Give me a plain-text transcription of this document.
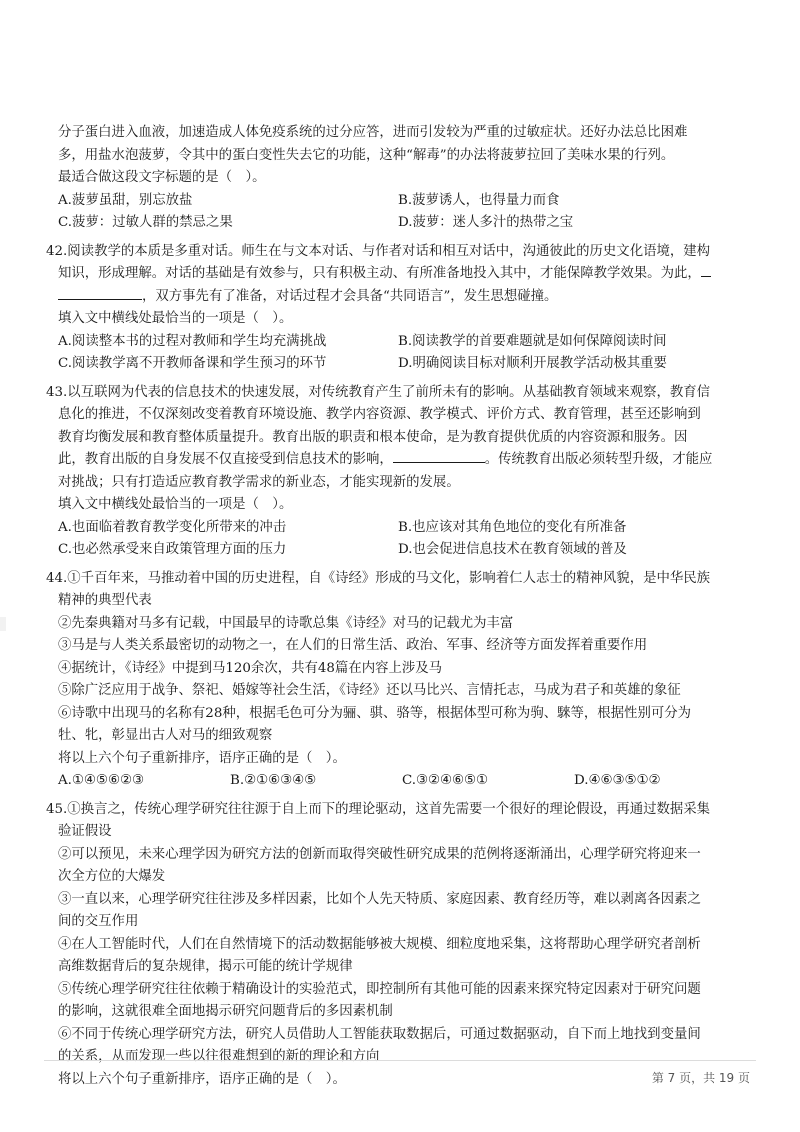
分子蛋白进入血液，加速造成人体免疫系统的过分应答，进而引发较为严重的过敏症状。还好办法总比困难
多，用盐水泡菠萝，令其中的蛋白变性失去它的功能，这种“解毒”的办法将菠萝拉回了美味水果的行列。
最适合做这段文字标题的是（　）。
A.菠萝虽甜，别忘放盐	B.菠萝诱人，也得量力而食
C.菠萝：过敏人群的禁忌之果	D.菠萝：迷人多汁的热带之宝
42.阅读教学的本质是多重对话。师生在与文本对话、与作者对话和相互对话中，沟通彼此的历史文化语境，建构
知识，形成理解。对话的基础是有效参与，只有积极主动、有所准备地投入其中，才能保障教学效果。为此，
，双方事先有了准备，对话过程才会具备“共同语言”，发生思想碰撞。
填入文中横线处最恰当的一项是（　）。
A.阅读整本书的过程对教师和学生均充满挑战	B.阅读教学的首要难题就是如何保障阅读时间
C.阅读教学离不开教师备课和学生预习的环节	D.明确阅读目标对顺利开展教学活动极其重要
43.以互联网为代表的信息技术的快速发展，对传统教育产生了前所未有的影响。从基础教育领域来观察，教育信
息化的推进，不仅深刻改变着教育环境设施、教学内容资源、教学模式、评价方式、教育管理，甚至还影响到
教育均衡发展和教育整体质量提升。教育出版的职责和根本使命，是为教育提供优质的内容资源和服务。因
此，教育出版的自身发展不仅直接受到信息技术的影响，	。传统教育出版必须转型升级，才能应
对挑战；只有打造适应教育教学需求的新业态，才能实现新的发展。
填入文中横线处最恰当的一项是（　）。
A.也面临着教育教学变化所带来的冲击	B.也应该对其角色地位的变化有所准备
C.也必然承受来自政策管理方面的压力	D.也会促进信息技术在教育领域的普及
44.①千百年来，马推动着中国的历史进程，自《诗经》形成的马文化，影响着仁人志士的精神风貌，是中华民族
精神的典型代表
②先秦典籍对马多有记载，中国最早的诗歌总集《诗经》对马的记载尤为丰富
③马是与人类关系最密切的动物之一，在人们的日常生活、政治、军事、经济等方面发挥着重要作用
④据统计，《诗经》中提到马120余次，共有48篇在内容上涉及马
⑤除广泛应用于战争、祭祀、婚嫁等社会生活，《诗经》还以马比兴、言情托志，马成为君子和英雄的象征
⑥诗歌中出现马的名称有28种，根据毛色可分为骊、骐、骆等，根据体型可称为驹、騋等，根据性别可分为
牡、牝，彰显出古人对马的细致观察
将以上六个句子重新排序，语序正确的是（　）。
A.①④⑤⑥②③	B.②①⑥③④⑤	C.③②④⑥⑤①	D.④⑥③⑤①②
45.①换言之，传统心理学研究往往源于自上而下的理论驱动，这首先需要一个很好的理论假设，再通过数据采集
验证假设
②可以预见，未来心理学因为研究方法的创新而取得突破性研究成果的范例将逐渐涌出，心理学研究将迎来一
次全方位的大爆发
③一直以来，心理学研究往往涉及多样因素，比如个人先天特质、家庭因素、教育经历等，难以剥离各因素之
间的交互作用
④在人工智能时代，人们在自然情境下的活动数据能够被大规模、细粒度地采集，这将帮助心理学研究者剖析
高维数据背后的复杂规律，揭示可能的统计学规律
⑤传统心理学研究往往依赖于精确设计的实验范式，即控制所有其他可能的因素来探究特定因素对于研究问题
的影响，这就很难全面地揭示研究问题背后的多因素机制
⑥不同于传统心理学研究方法，研究人员借助人工智能获取数据后，可通过数据驱动，自下而上地找到变量间
的关系，从而发现一些以往很难想到的新的理论和方向
将以上六个句子重新排序，语序正确的是（　）。	第 7 页，共 19 页
